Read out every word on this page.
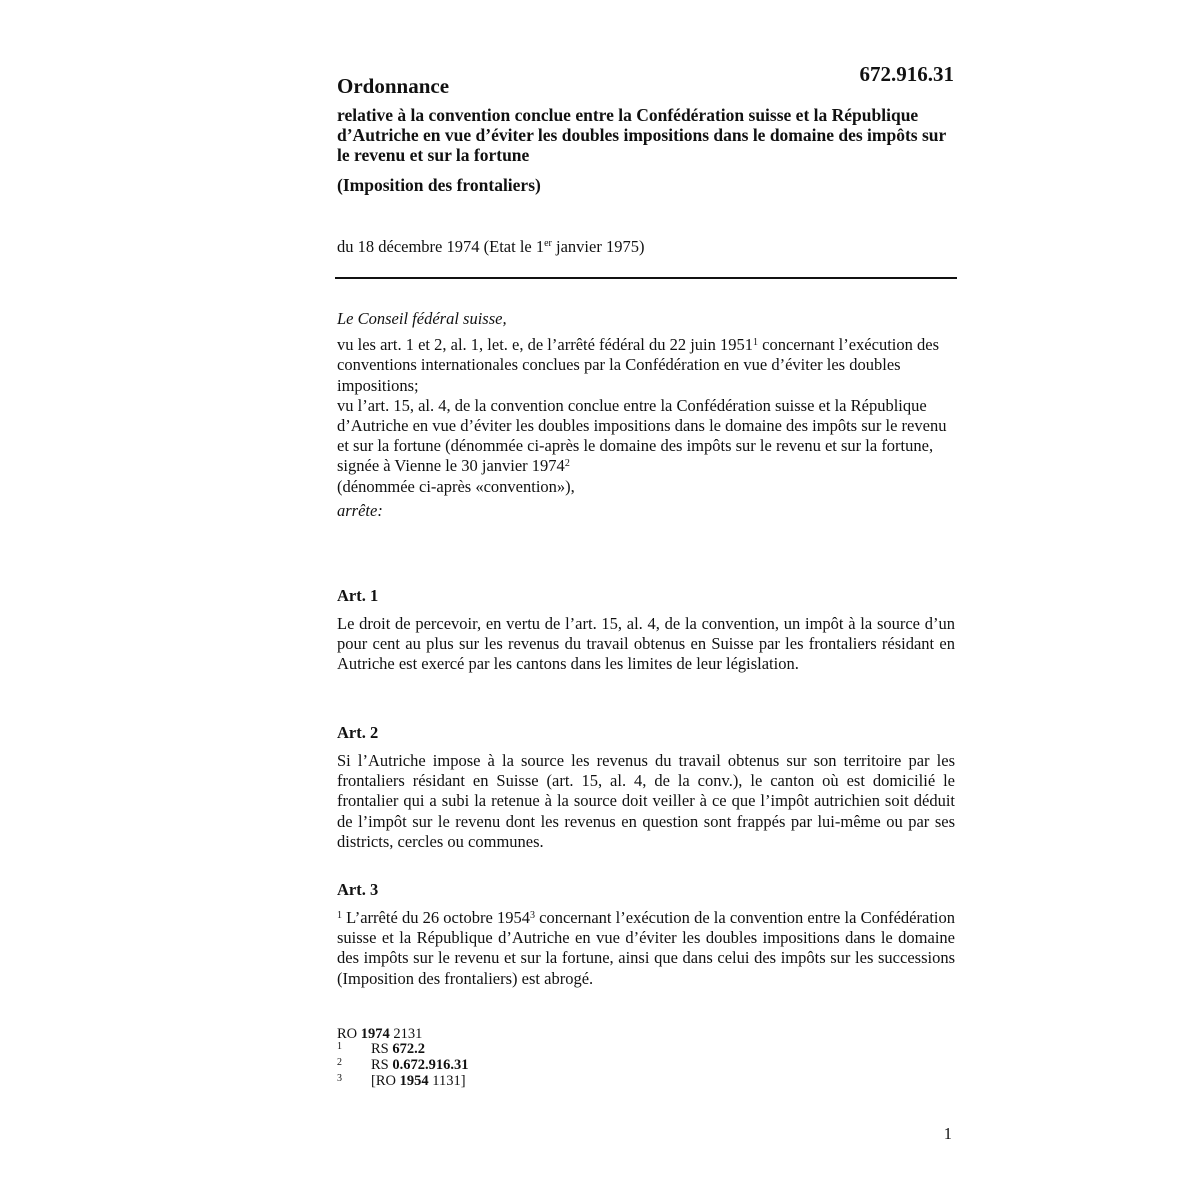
672.916.31
Ordonnance
relative à la convention conclue entre la Confédération suisse et la République d’Autriche en vue d’éviter les doubles impositions dans le domaine des impôts sur le revenu et sur la fortune
(Imposition des frontaliers)
du 18 décembre 1974 (Etat le 1er janvier 1975)

Le Conseil fédéral suisse,

vu les art. 1 et 2, al. 1, let. e, de l’arrêté fédéral du 22 juin 1951$^1$ concernant l’exécution des conventions internationales conclues par la Confédération en vue d’éviter les doubles impositions;

vu l’art. 15, al. 4, de la convention conclue entre la Confédération suisse et la République d’Autriche en vue d’éviter les doubles impositions dans le domaine des impôts sur le revenu et sur la fortune (dénommée ci-après le domaine des impôts sur le revenu et sur la fortune, signée à Vienne le 30 janvier 1974$^2$
(dénommée ci-après «convention»),

arrête:

Art. 1
Le droit de percevoir, en vertu de l’art. 15, al. 4, de la convention, un impôt à la source d’un pour cent au plus sur les revenus du travail obtenus en Suisse par les frontaliers résidant en Autriche est exercé par les cantons dans les limites de leur législation.
Art. 2
Si l’Autriche impose à la source les revenus du travail obtenus sur son territoire par les frontaliers résidant en Suisse (art. 15, al. 4, de la conv.), le canton où est domicilié le frontalier qui a subi la retenue à la source doit veiller à ce que l’impôt autrichien soit déduit de l’impôt sur le revenu dont les revenus en question sont frappés par lui-même ou par ses districts, cercles ou communes.
Art. 3
$^1$ L’arrêté du 26 octobre 1954$^3$ concernant l’exécution de la convention entre la Confédération suisse et la République d’Autriche en vue d’éviter les doubles impositions dans le domaine des impôts sur le revenu et sur la fortune, ainsi que dans celui des impôts sur les successions (Imposition des frontaliers) est abrogé.
RO 1974 2131
1	RS 672.2
2	RS 0.672.916.31
3	[RO 1954 1131]
1
